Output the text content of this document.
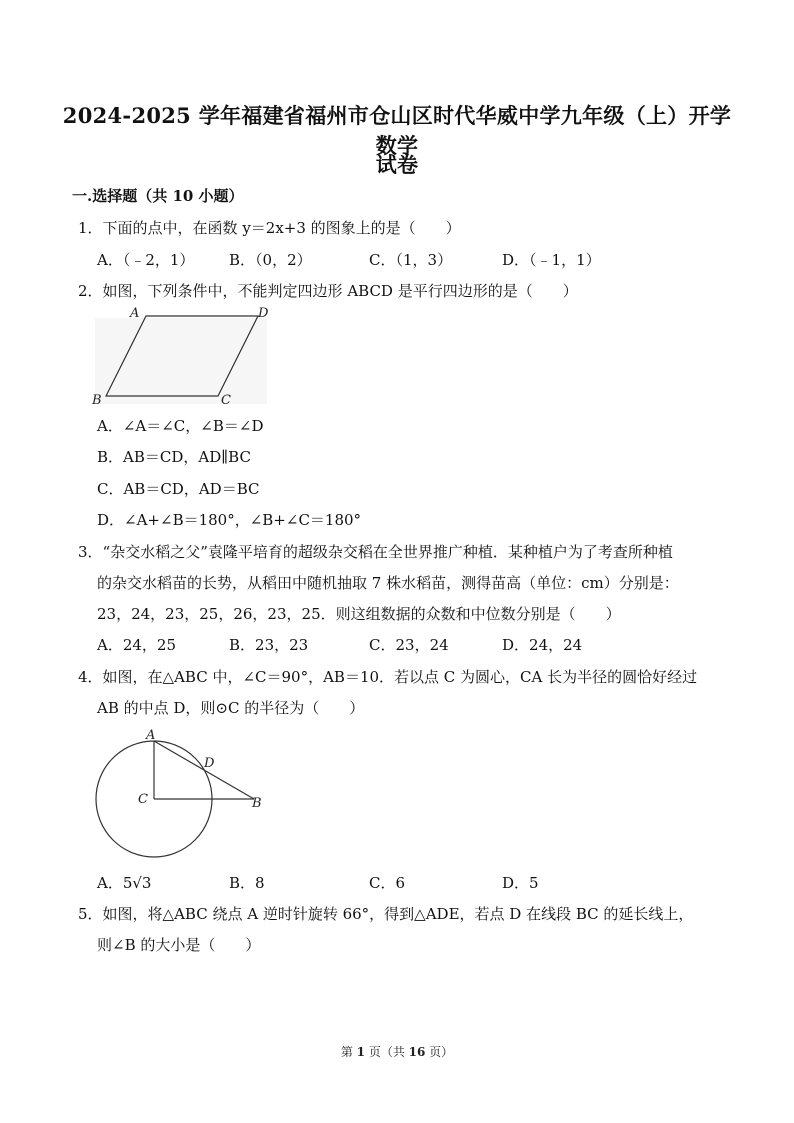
2024-2025 学年福建省福州市仓山区时代华威中学九年级（上）开学数学
试卷
一.选择题（共 10 小题）
1．下面的点中，在函数 y＝2x+3 的图象上的是（　　）
A．（﹣2，1） B．（0，2）	C．（1，3）	D．（﹣1，1）
2．如图，下列条件中，不能判定四边形 ABCD 是平行四边形的是（　　）
A	D
B	C
A．∠A＝∠C，∠B＝∠D
B．AB＝CD，AD∥BC
C．AB＝CD，AD＝BC
D．∠A+∠B＝180°，∠B+∠C＝180°
3．“杂交水稻之父”袁隆平培育的超级杂交稻在全世界推广种植．某种植户为了考查所种植
的杂交水稻苗的长势，从稻田中随机抽取 7 株水稻苗，测得苗高（单位：cm）分别是：
23，24，23，25，26，23，25．则这组数据的众数和中位数分别是（　　）
A．24，25	B．23，23	C．23，24	D．24，24
4．如图，在△ABC 中，∠C＝90°，AB＝10．若以点 C 为圆心，CA 长为半径的圆恰好经过
AB 的中点 D，则⊙C 的半径为（　　）
A
D
C	B
A．5√3	B．8	C．6	D．5
5．如图，将△ABC 绕点 A 逆时针旋转 66°，得到△ADE，若点 D 在线段 BC 的延长线上，
则∠B 的大小是（　　）
第 1 页（共 16 页）
